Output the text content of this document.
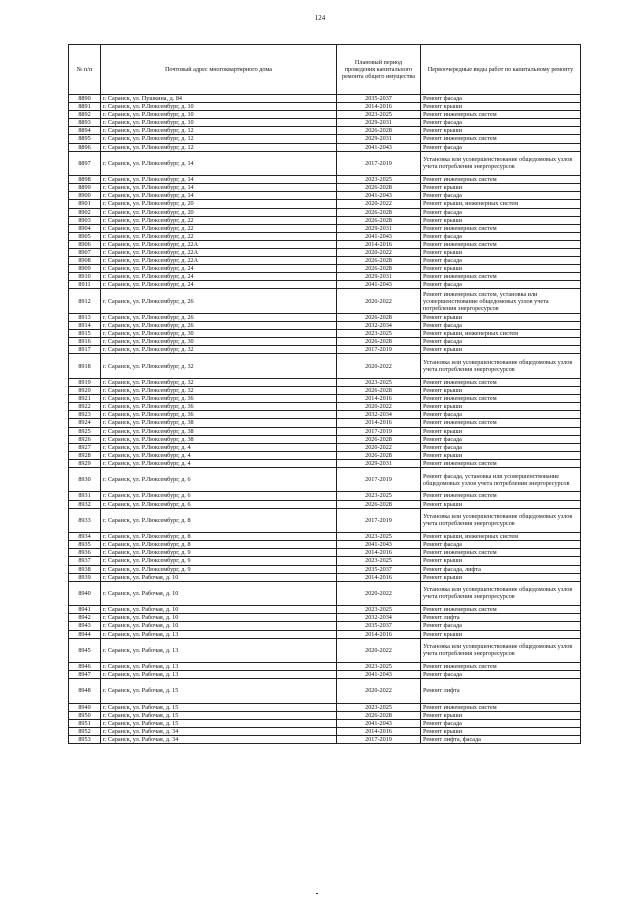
124
№ п/п	Почтовый адрес многоквартирного дома	Плановый период проведения капитального ремонта общего имущества	Первоочередные виды работ по капитальному ремонту
8890	г. Саранск, ул. Пушкина, д. 84	2035-2037	Ремонт фасада
8891	г. Саранск, ул. Р.Люксембург, д. 10	2014-2016	Ремонт крыши
8892	г. Саранск, ул. Р.Люксембург, д. 10	2023-2025	Ремонт инженерных систем
8893	г. Саранск, ул. Р.Люксембург, д. 10	2029-2031	Ремонт фасада
8894	г. Саранск, ул. Р.Люксембург, д. 12	2026-2028	Ремонт крыши
8895	г. Саранск, ул. Р.Люксембург, д. 12	2029-2031	Ремонт инженерных систем
8896	г. Саранск, ул. Р.Люксембург, д. 12	2041-2043	Ремонт фасада
8897	г. Саранск, ул. Р.Люксембург, д. 14	2017-2019	Установка или усовершенствование общедомовых узлов учета потребления энергоресурсов
8898	г. Саранск, ул. Р.Люксембург, д. 14	2023-2025	Ремонт инженерных систем
8899	г. Саранск, ул. Р.Люксембург, д. 14	2026-2028	Ремонт крыши
8900	г. Саранск, ул. Р.Люксембург, д. 14	2041-2043	Ремонт фасада
8901	г. Саранск, ул. Р.Люксембург, д. 20	2020-2022	Ремонт крыши, инженерных систем
8902	г. Саранск, ул. Р.Люксембург, д. 20	2026-2028	Ремонт фасада
8903	г. Саранск, ул. Р.Люксембург, д. 22	2026-2028	Ремонт крыши
8904	г. Саранск, ул. Р.Люксембург, д. 22	2029-2031	Ремонт инженерных систем
8905	г. Саранск, ул. Р.Люксембург, д. 22	2041-2043	Ремонт фасада
8906	г. Саранск, ул. Р.Люксембург, д. 22А	2014-2016	Ремонт инженерных систем
8907	г. Саранск, ул. Р.Люксембург, д. 22А	2020-2022	Ремонт крыши
8908	г. Саранск, ул. Р.Люксембург, д. 22А	2026-2028	Ремонт фасада
8909	г. Саранск, ул. Р.Люксембург, д. 24	2026-2028	Ремонт крыши
8910	г. Саранск, ул. Р.Люксембург, д. 24	2029-2031	Ремонт инженерных систем
8911	г. Саранск, ул. Р.Люксембург, д. 24	2041-2043	Ремонт фасада
8912	г. Саранск, ул. Р.Люксембург, д. 26	2020-2022	Ремонт инженерных систем, установка или усовершенствование общедомовых узлов учета потребления энергоресурсов
8913	г. Саранск, ул. Р.Люксембург, д. 26	2026-2028	Ремонт крыши
8914	г. Саранск, ул. Р.Люксембург, д. 26	2032-2034	Ремонт фасада
8915	г. Саранск, ул. Р.Люксембург, д. 30	2023-2025	Ремонт крыши, инженерных систем
8916	г. Саранск, ул. Р.Люксембург, д. 30	2026-2028	Ремонт фасада
8917	г. Саранск, ул. Р.Люксембург, д. 32	2017-2019	Ремонт крыши
8918	г. Саранск, ул. Р.Люксембург, д. 32	2020-2022	Установка или усовершенствование общедомовых узлов учета потребления энергоресурсов
8919	г. Саранск, ул. Р.Люксембург, д. 32	2023-2025	Ремонт инженерных систем
8920	г. Саранск, ул. Р.Люксембург, д. 32	2026-2028	Ремонт крыши
8921	г. Саранск, ул. Р.Люксембург, д. 36	2014-2016	Ремонт инженерных систем
8922	г. Саранск, ул. Р.Люксембург, д. 36	2020-2022	Ремонт крыши
8923	г. Саранск, ул. Р.Люксембург, д. 36	2032-2034	Ремонт фасада
8924	г. Саранск, ул. Р.Люксембург, д. 38	2014-2016	Ремонт инженерных систем
8925	г. Саранск, ул. Р.Люксембург, д. 38	2017-2019	Ремонт крыши
8926	г. Саранск, ул. Р.Люксембург, д. 38	2026-2028	Ремонт фасада
8927	г. Саранск, ул. Р.Люксембург, д. 4	2020-2022	Ремонт фасада
8928	г. Саранск, ул. Р.Люксембург, д. 4	2026-2028	Ремонт крыши
8929	г. Саранск, ул. Р.Люксембург, д. 4	2029-2031	Ремонт инженерных систем
8930	г. Саранск, ул. Р.Люксембург, д. 6	2017-2019	Ремонт фасада, установка или усовершенствование общедомовых узлов учета потребления энергоресурсов
8931	г. Саранск, ул. Р.Люксембург, д. 6	2023-2025	Ремонт инженерных систем
8932	г. Саранск, ул. Р.Люксембург, д. 6	2026-2028	Ремонт крыши
8933	г. Саранск, ул. Р.Люксембург, д. 8	2017-2019	Установка или усовершенствование общедомовых узлов учета потребления энергоресурсов
8934	г. Саранск, ул. Р.Люксембург, д. 8	2023-2025	Ремонт крыши, инженерных систем
8935	г. Саранск, ул. Р.Люксембург, д. 8	2041-2043	Ремонт фасада
8936	г. Саранск, ул. Р.Люксембург, д. 9	2014-2016	Ремонт инженерных систем
8937	г. Саранск, ул. Р.Люксембург, д. 9	2023-2025	Ремонт крыши
8938	г. Саранск, ул. Р.Люксембург, д. 9	2035-2037	Ремонт фасада, лифта
8939	г. Саранск, ул. Рабочая, д. 10	2014-2016	Ремонт крыши
8940	г. Саранск, ул. Рабочая, д. 10	2020-2022	Установка или усовершенствование общедомовых узлов учета потребления энергоресурсов
8941	г. Саранск, ул. Рабочая, д. 10	2023-2025	Ремонт инженерных систем
8942	г. Саранск, ул. Рабочая, д. 10	2032-2034	Ремонт лифта
8943	г. Саранск, ул. Рабочая, д. 10	2035-2037	Ремонт фасада
8944	г. Саранск, ул. Рабочая, д. 13	2014-2016	Ремонт крыши
8945	г. Саранск, ул. Рабочая, д. 13	2020-2022	Установка или усовершенствование общедомовых узлов учета потребления энергоресурсов
8946	г. Саранск, ул. Рабочая, д. 13	2023-2025	Ремонт инженерных систем
8947	г. Саранск, ул. Рабочая, д. 13	2041-2043	Ремонт фасада
8948	г. Саранск, ул. Рабочая, д. 15	2020-2022	Ремонт лифта
8949	г. Саранск, ул. Рабочая, д. 15	2023-2025	Ремонт инженерных систем
8950	г. Саранск, ул. Рабочая, д. 15	2026-2028	Ремонт крыши
8951	г. Саранск, ул. Рабочая, д. 15	2041-2043	Ремонт фасада
8952	г. Саранск, ул. Рабочая, д. 34	2014-2016	Ремонт крыши
8953	г. Саранск, ул. Рабочая, д. 34	2017-2019	Ремонт лифта, фасада
